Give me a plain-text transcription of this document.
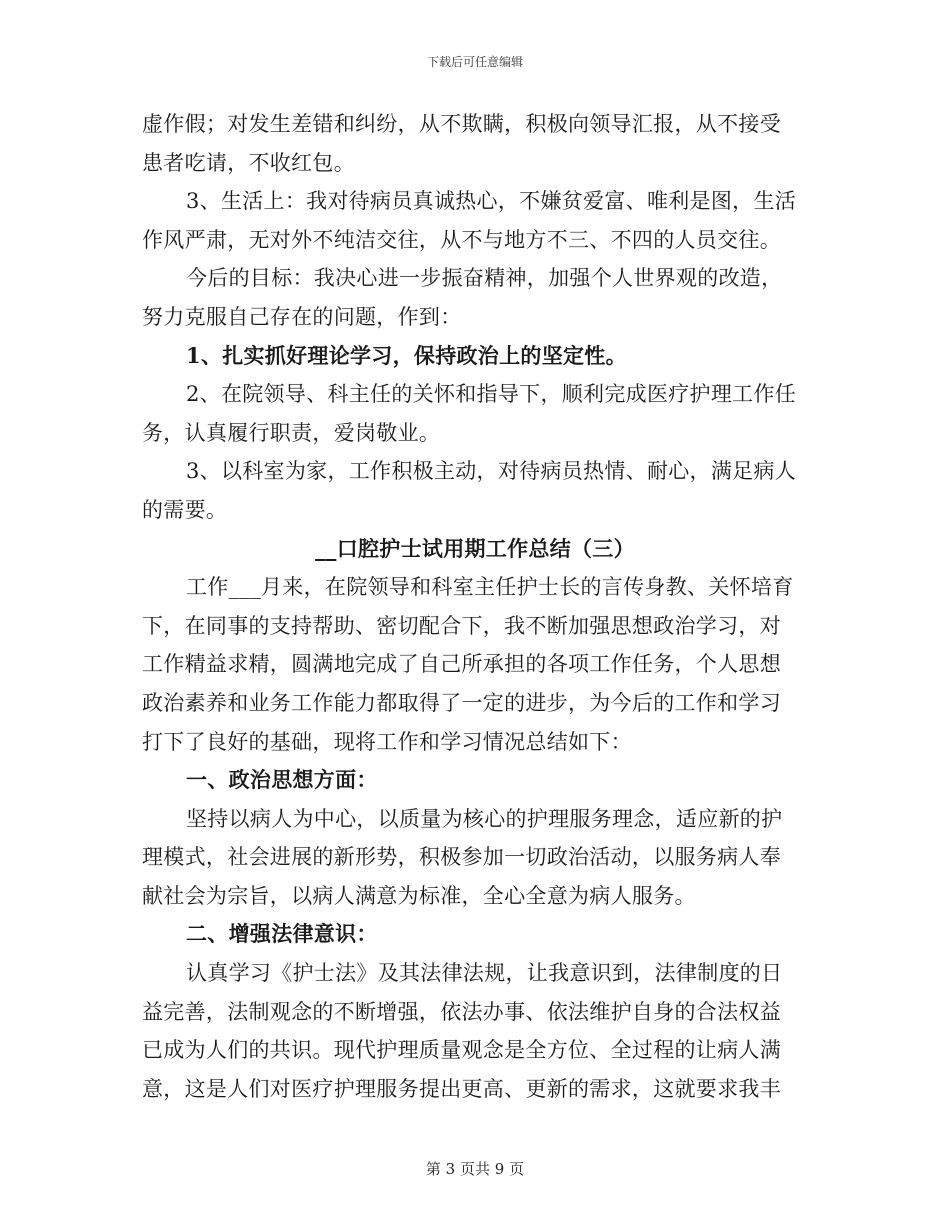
下载后可任意编辑
虚作假；对发生差错和纠纷，从不欺瞒，积极向领导汇报，从不接受
患者吃请，不收红包。
3、生活上：我对待病员真诚热心，不嫌贫爱富、唯利是图，生活
作风严肃，无对外不纯洁交往，从不与地方不三、不四的人员交往。
今后的目标：我决心进一步振奋精神，加强个人世界观的改造，
努力克服自己存在的问题，作到：
1、扎实抓好理论学习，保持政治上的坚定性。
2、在院领导、科主任的关怀和指导下，顺利完成医疗护理工作任
务，认真履行职责，爱岗敬业。
3、以科室为家，工作积极主动，对待病员热情、耐心，满足病人
的需要。
__口腔护士试用期工作总结（三）
工作___月来，在院领导和科室主任护士长的言传身教、关怀培育
下，在同事的支持帮助、密切配合下，我不断加强思想政治学习，对
工作精益求精，圆满地完成了自己所承担的各项工作任务，个人思想
政治素养和业务工作能力都取得了一定的进步，为今后的工作和学习
打下了良好的基础，现将工作和学习情况总结如下：
一、政治思想方面：
坚持以病人为中心，以质量为核心的护理服务理念，适应新的护
理模式，社会进展的新形势，积极参加一切政治活动，以服务病人奉
献社会为宗旨，以病人满意为标准，全心全意为病人服务。
二、增强法律意识：
认真学习《护士法》及其法律法规，让我意识到，法律制度的日
益完善，法制观念的不断增强，依法办事、依法维护自身的合法权益
已成为人们的共识。现代护理质量观念是全方位、全过程的让病人满
意，这是人们对医疗护理服务提出更高、更新的需求，这就要求我丰
第 3 页共 9 页
